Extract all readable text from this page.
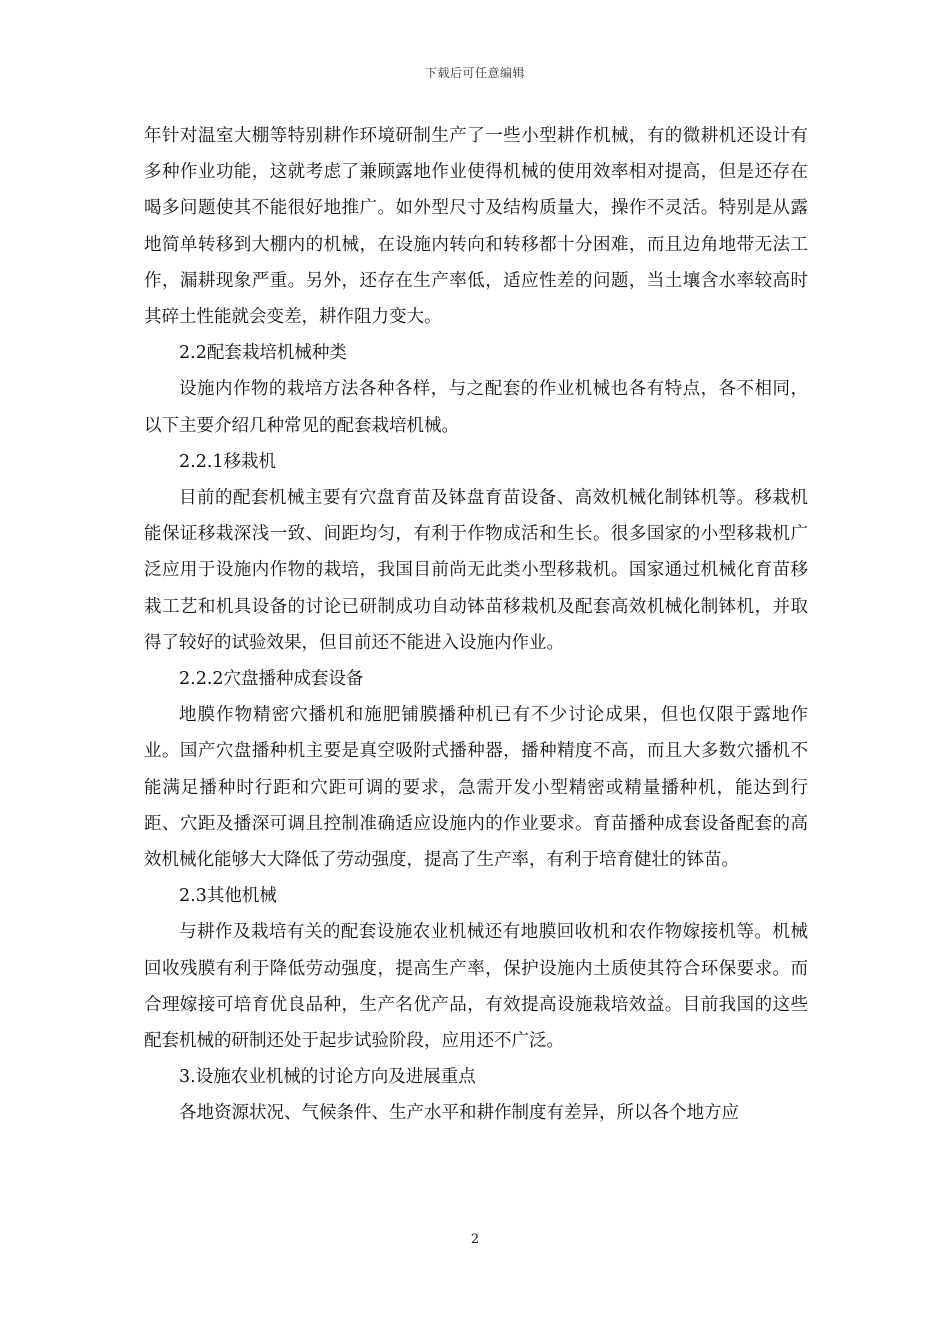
下载后可任意编辑

年针对温室大棚等特别耕作环境研制生产了一些小型耕作机械，有的微耕机还设计有多种作业功能，这就考虑了兼顾露地作业使得机械的使用效率相对提高，但是还存在喝多问题使其不能很好地推广。如外型尺寸及结构质量大，操作不灵活。特别是从露地简单转移到大棚内的机械，在设施内转向和转移都十分困难，而且边角地带无法工作，漏耕现象严重。另外，还存在生产率低，适应性差的问题，当土壤含水率较高时其碎土性能就会变差，耕作阻力变大。

2.2配套栽培机械种类

设施内作物的栽培方法各种各样，与之配套的作业机械也各有特点，各不相同，以下主要介绍几种常见的配套栽培机械。

2.2.1移栽机

目前的配套机械主要有穴盘育苗及钵盘育苗设备、高效机械化制钵机等。移栽机能保证移栽深浅一致、间距均匀，有利于作物成活和生长。很多国家的小型移栽机广泛应用于设施内作物的栽培，我国目前尚无此类小型移栽机。国家通过机械化育苗移栽工艺和机具设备的讨论已研制成功自动钵苗移栽机及配套高效机械化制钵机，并取得了较好的试验效果，但目前还不能进入设施内作业。

2.2.2穴盘播种成套设备

地膜作物精密穴播机和施肥铺膜播种机已有不少讨论成果，但也仅限于露地作业。国产穴盘播种机主要是真空吸附式播种器，播种精度不高，而且大多数穴播机不能满足播种时行距和穴距可调的要求，急需开发小型精密或精量播种机，能达到行距、穴距及播深可调且控制准确适应设施内的作业要求。育苗播种成套设备配套的高效机械化能够大大降低了劳动强度，提高了生产率，有利于培育健壮的钵苗。

2.3其他机械

与耕作及栽培有关的配套设施农业机械还有地膜回收机和农作物嫁接机等。机械回收残膜有利于降低劳动强度，提高生产率，保护设施内土质使其符合环保要求。而合理嫁接可培育优良品种，生产名优产品，有效提高设施栽培效益。目前我国的这些配套机械的研制还处于起步试验阶段，应用还不广泛。

3.设施农业机械的讨论方向及进展重点

各地资源状况、气候条件、生产水平和耕作制度有差异，所以各个地方应

2
